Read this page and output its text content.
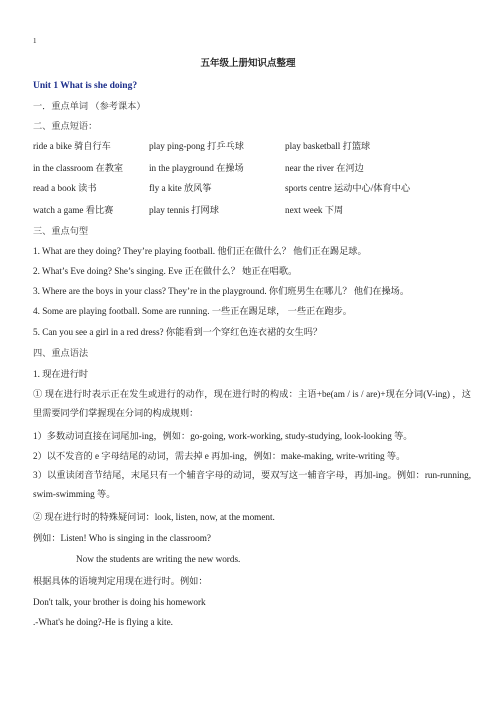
1
五年级上册知识点整理
Unit 1 What is she doing?
一．重点单词 （参考课本）
二、重点短语：
ride a bike 骑自行车	play ping-pong 打乒乓球	play basketball 打篮球
in the classroom 在教室	in the playground 在操场	near the river 在河边
read a book 读书	fly a kite 放风筝	sports centre 运动中心/体育中心
watch a game 看比赛	play tennis 打网球	next week 下周
三、重点句型
1. What are they doing? They’re playing football. 他们正在做什么？ 他们正在踢足球。
2. What’s Eve doing? She’s singing. Eve 正在做什么？ 她正在唱歌。
3. Where are the boys in your class? They’re in the playground. 你们班男生在哪儿？ 他们在操场。
4. Some are playing football. Some are running. 一些正在踢足球， 一些正在跑步。
5. Can you see a girl in a red dress? 你能看到一个穿红色连衣裙的女生吗？
四、重点语法
1. 现在进行时
① 现在进行时表示正在发生或进行的动作，现在进行时的构成：主语+be(am / is / are)+现在分词(V-ing) ，这里需要同学们掌握现在分词的构成规则：
1）多数动词直接在词尾加-ing，例如：go-going, work-working, study-studying, look-looking 等。
2）以不发音的 e 字母结尾的动词，需去掉 e 再加-ing，例如：make-making, write-writing 等。
3）以重读闭音节结尾，末尾只有一个辅音字母的动词，要双写这一辅音字母，再加-ing。例如：run-running, swim-swimming 等。
② 现在进行时的特殊疑问词：look, listen, now, at the moment.
例如：Listen! Who is singing in the classroom?
Now the students are writing the new words.
根据具体的语境判定用现在进行时。例如：
Don't talk, your brother is doing his homework
.-What's he doing?-He is flying a kite.
